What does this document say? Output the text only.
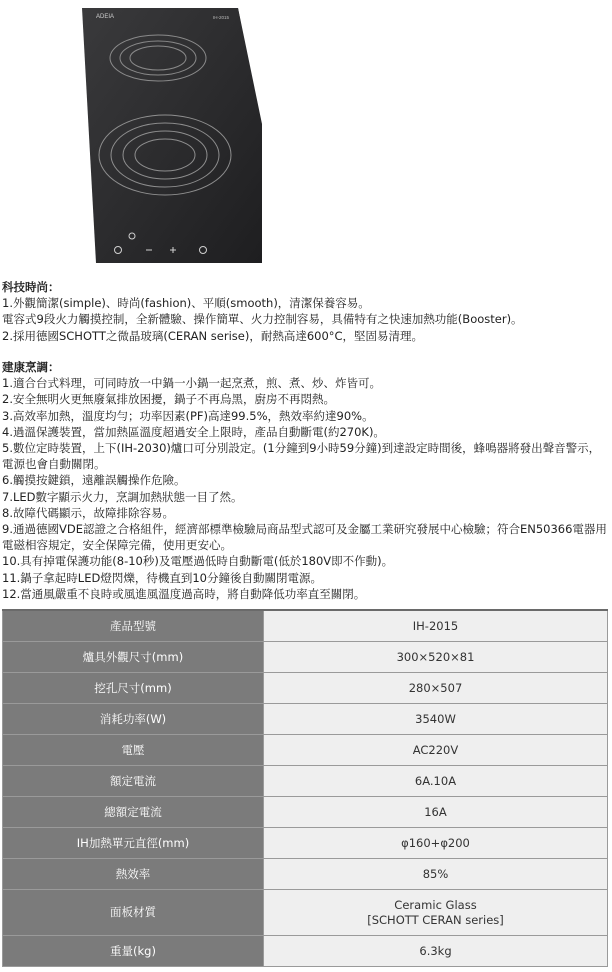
ADEIA	IH-2015
科技時尚：
1.外觀簡潔(simple)、時尚(fashion)、平順(smooth)，清潔保養容易。
電容式9段火力觸摸控制，全新體驗、操作簡單、火力控制容易，具備特有之快速加熱功能(Booster)。
2.採用德國SCHOTT之微晶玻璃(CERAN serise)，耐熱高達600°C，堅固易清理。
建康烹調：
1.適合台式料理，可同時放一中鍋一小鍋一起烹煮，煎、煮、炒、炸皆可。
2.安全無明火更無廢氣排放困擾，鍋子不再烏黑，廚房不再悶熱。
3.高效率加熱，溫度均勻；功率因素(PF)高達99.5%，熱效率約達90%。
4.過溫保護裝置，當加熱區溫度超過安全上限時，產品自動斷電(約270K)。
5.數位定時裝置，上下(IH-2030)爐口可分別設定。(1分鐘到9小時59分鐘)到達設定時間後，蜂鳴器將發出聲音警示，電源也會自動關閉。
6.觸摸按鍵鎖，遠離誤觸操作危險。
7.LED數字顯示火力，烹調加熱狀態一目了然。
8.故障代碼顯示，故障排除容易。
9.通過德國VDE認證之合格組件，經濟部標準檢驗局商品型式認可及金屬工業研究發展中心檢驗；符合EN50366電器用電磁相容規定，安全保障完備，使用更安心。
10.具有掉電保護功能(8-10秒)及電壓過低時自動斷電(低於180V即不作動)。
11.鍋子拿起時LED燈閃爍，待機直到10分鐘後自動關閉電源。
12.當通風嚴重不良時或風進風溫度過高時，將自動降低功率直至關閉。
產品型號	IH-2015
爐具外觀尺寸(mm)	300×520×81
挖孔尺寸(mm)	280×507
消耗功率(W)	3540W
電壓	AC220V
額定電流	6A.10A
總額定電流	16A
IH加熱單元直徑(mm)	φ160+φ200
熱效率	85%
面板材質	Ceramic Glass
[SCHOTT CERAN series]

重量(kg)	6.3kg
